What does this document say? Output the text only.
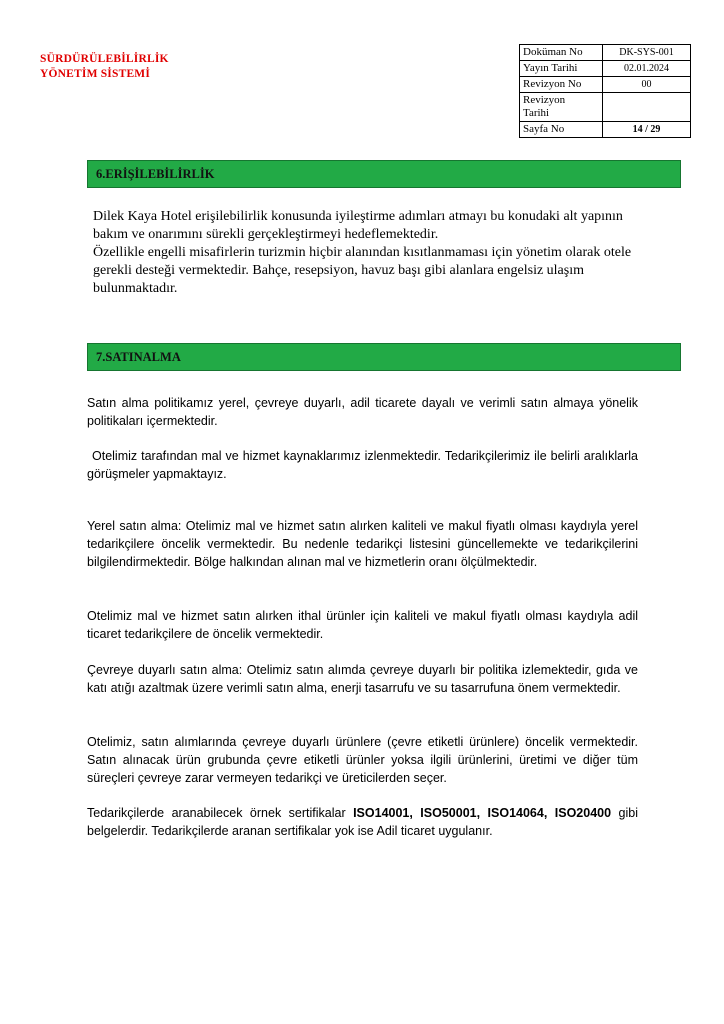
SÜRDÜRÜLEBİLİRLİK
YÖNETİM SİSTEMİ
Doküman No	DK-SYS-001
Yayın Tarihi	02.01.2024
Revizyon No	00

Revizyon
Tarihi	

Sayfa No	14 / 29
6.ERİŞİLEBİLİRLİK

Dilek Kaya Hotel erişilebilirlik konusunda iyileştirme adımları atmayı bu konudaki alt yapının

bakım ve onarımını sürekli gerçekleştirmeyi hedeflemektedir.

Özellikle engelli misafirlerin turizmin hiçbir alanından kısıtlanmaması için yönetim olarak otele

gerekli desteği vermektedir. Bahçe, resepsiyon, havuz başı gibi alanlara engelsiz ulaşım

bulunmaktadır.

7.SATINALMA

Satın alma politikamız yerel, çevreye duyarlı, adil ticarete dayalı ve verimli satın almaya yönelik politikaları içermektedir.

Otelimiz tarafından mal ve hizmet kaynaklarımız izlenmektedir. Tedarikçilerimiz ile belirli aralıklarla görüşmeler yapmaktayız.

Yerel satın alma: Otelimiz mal ve hizmet satın alırken kaliteli ve makul fiyatlı olması kaydıyla yerel tedarikçilere öncelik vermektedir. Bu nedenle tedarikçi listesini güncellemekte ve tedarikçilerini bilgilendirmektedir. Bölge halkından alınan mal ve hizmetlerin oranı ölçülmektedir.

Otelimiz mal ve hizmet satın alırken ithal ürünler için kaliteli ve makul fiyatlı olması kaydıyla adil ticaret tedarikçilere de öncelik vermektedir.

Çevreye duyarlı satın alma: Otelimiz satın alımda çevreye duyarlı bir politika izlemektedir, gıda ve katı atığı azaltmak üzere verimli satın alma, enerji tasarrufu ve su tasarrufuna önem vermektedir.

Otelimiz, satın alımlarında çevreye duyarlı ürünlere (çevre etiketli ürünlere) öncelik vermektedir. Satın alınacak ürün grubunda çevre etiketli ürünler yoksa ilgili ürünlerini, üretimi ve diğer tüm süreçleri çevreye zarar vermeyen tedarikçi ve üreticilerden seçer.

Tedarikçilerde aranabilecek örnek sertifikalar ISO14001, ISO50001, ISO14064, ISO20400 gibi belgelerdir. Tedarikçilerde aranan sertifikalar yok ise Adil ticaret uygulanır.
